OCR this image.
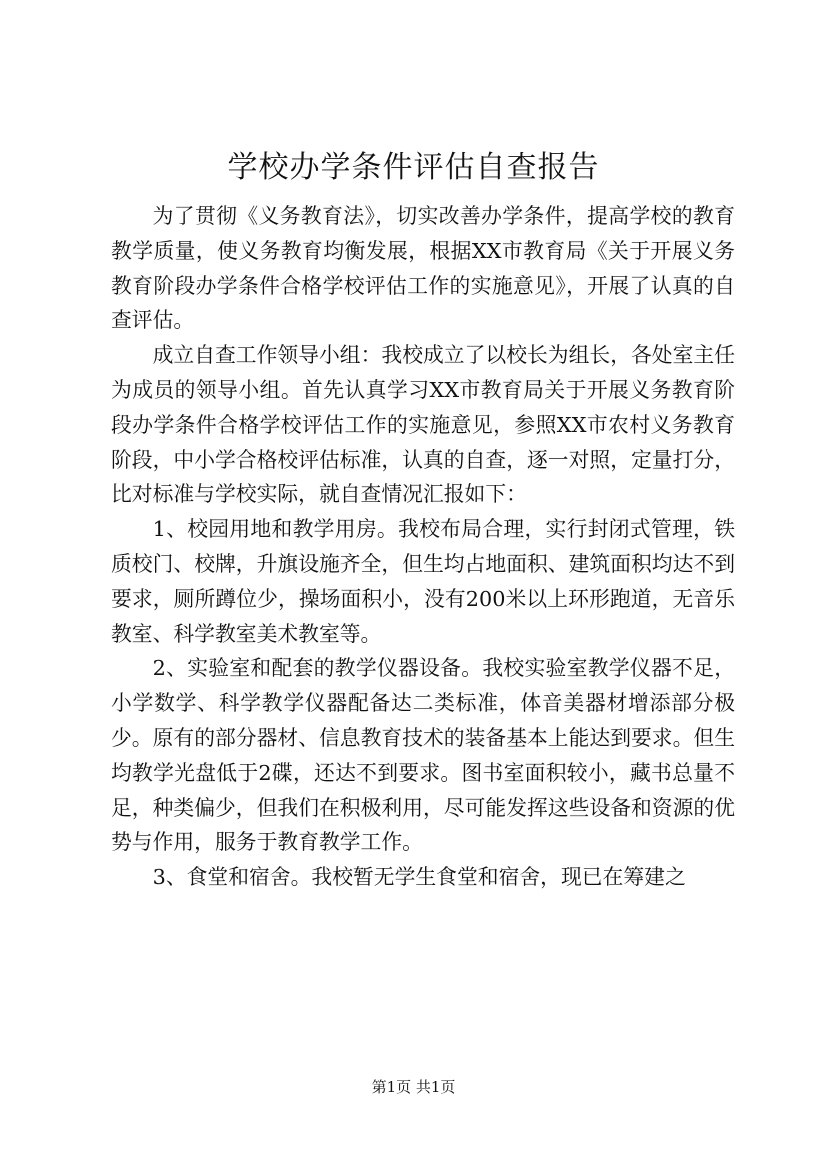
学校办学条件评估自查报告

为了贯彻《义务教育法》，切实改善办学条件，提高学校的教育教学质量，使义务教育均衡发展，根据XX市教育局《关于开展义务教育阶段办学条件合格学校评估工作的实施意见》，开展了认真的自查评估。

成立自查工作领导小组：我校成立了以校长为组长，各处室主任为成员的领导小组。首先认真学习XX市教育局关于开展义务教育阶段办学条件合格学校评估工作的实施意见，参照XX市农村义务教育阶段，中小学合格校评估标准，认真的自查，逐一对照，定量打分，比对标准与学校实际，就自查情况汇报如下：

1、校园用地和教学用房。我校布局合理，实行封闭式管理，铁质校门、校牌，升旗设施齐全，但生均占地面积、建筑面积均达不到要求，厕所蹲位少，操场面积小，没有200米以上环形跑道，无音乐教室、科学教室美术教室等。

2、实验室和配套的教学仪器设备。我校实验室教学仪器不足，小学数学、科学教学仪器配备达二类标准，体音美器材增添部分极少。原有的部分器材、信息教育技术的装备基本上能达到要求。但生均教学光盘低于2碟，还达不到要求。图书室面积较小，藏书总量不足，种类偏少，但我们在积极利用，尽可能发挥这些设备和资源的优势与作用，服务于教育教学工作。

3、食堂和宿舍。我校暂无学生食堂和宿舍，现已在筹建之

第1页 共1页
